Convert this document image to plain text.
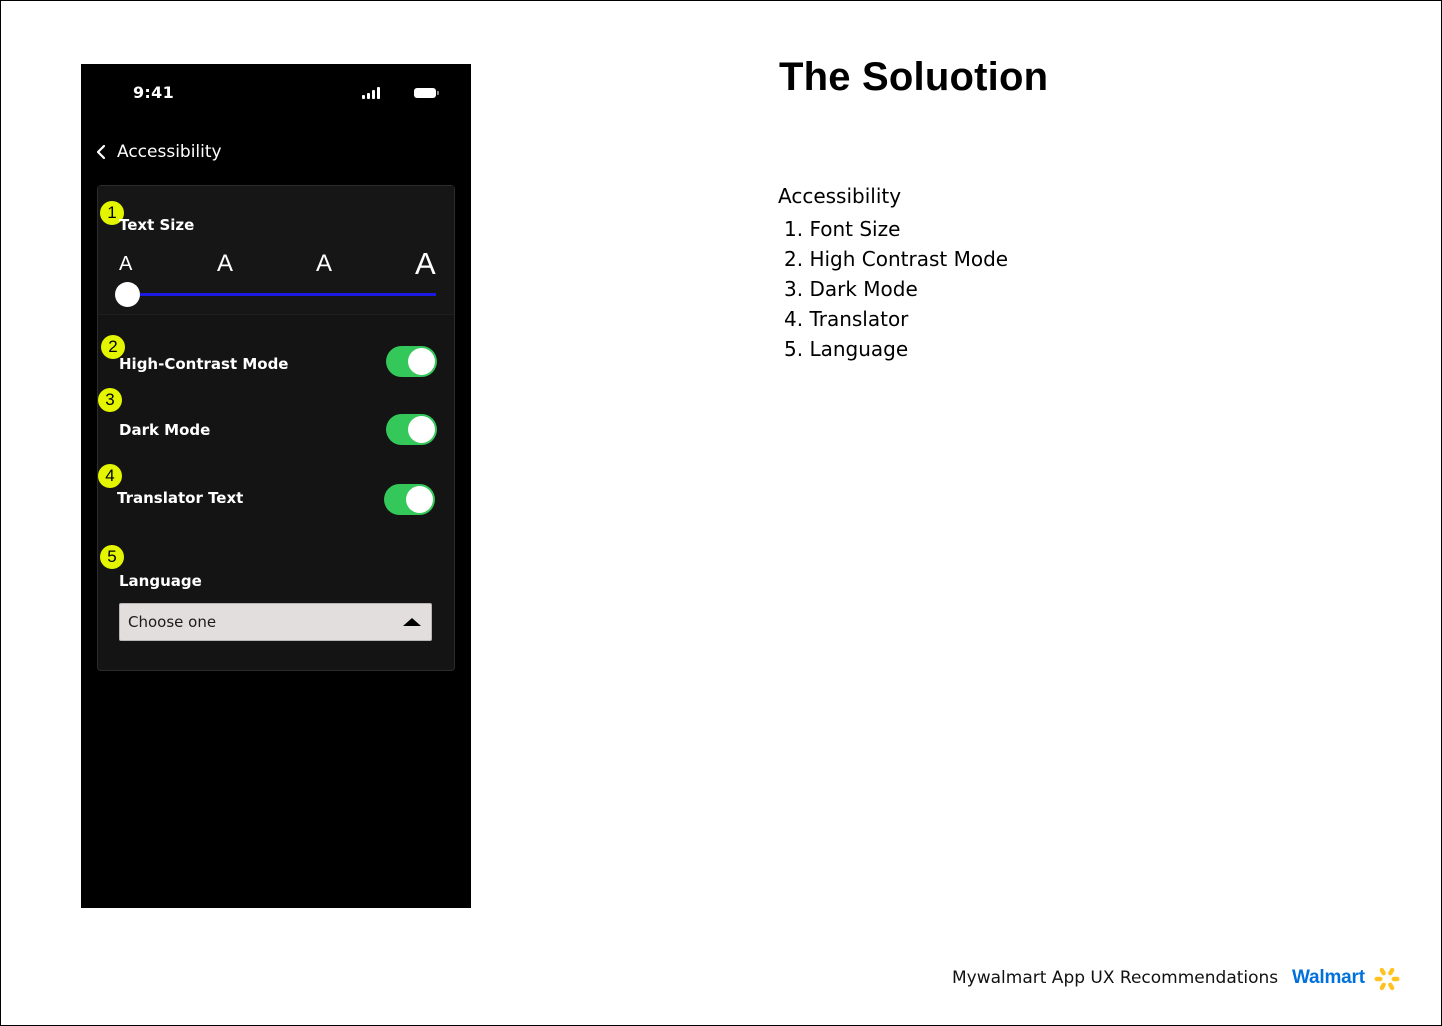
9:41
Accessibility
1
Text Size
A	A	A	A
2
High-Contrast Mode
3
Dark Mode
4
Translator Text
5
Language
Choose one
The Soluotion
Accessibility
1. Font Size
2. High Contrast Mode
3. Dark Mode
4. Translator
5. Language
Mywalmart App UX Recommendations Walmart
